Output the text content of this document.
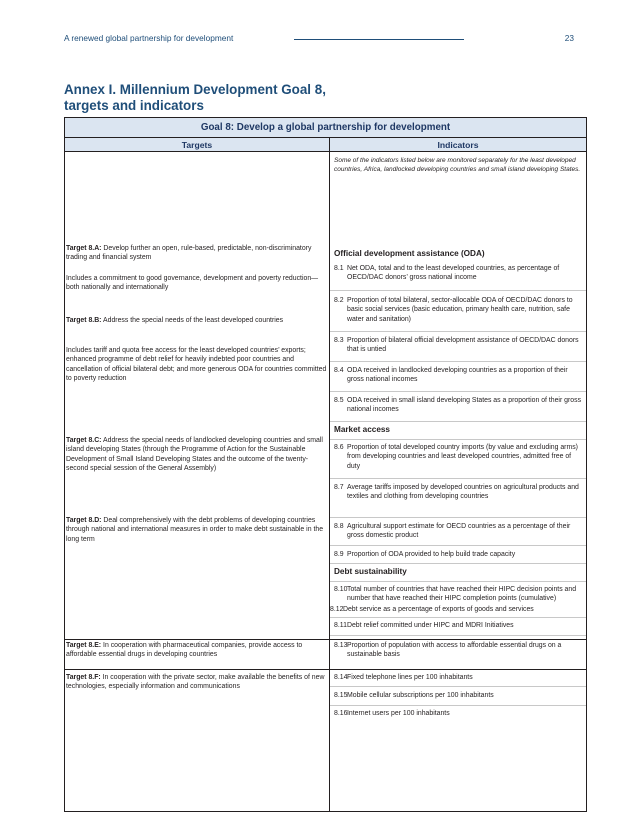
A renewed global partnership for development	23
Annex I. Millennium Development Goal 8,
targets and indicators
Goal 8: Develop a global partnership for development
Targets	Indicators
Target 8.A: Develop further an open, rule-based, predictable, non-discriminatory trading and financial system
Includes a commitment to good governance, development and poverty reduction—both nationally and internationally
Target 8.B: Address the special needs of the least developed countries
Includes tariff and quota free access for the least developed countries’ exports; enhanced programme of debt relief for heavily indebted poor countries and cancellation of official bilateral debt; and more generous ODA for countries committed to poverty reduction
Target 8.C: Address the special needs of landlocked developing countries and small island developing States (through the Programme of Action for the Sustainable Development of Small Island Developing States and the outcome of the twenty-second special session of the General Assembly)
Target 8.D: Deal comprehensively with the debt problems of developing countries through national and international measures in order to make debt sustainable in the long term
Some of the indicators listed below are monitored separately for the least developed countries, Africa, landlocked developing countries and small island developing States.
Official development assistance (ODA)
8.1 Net ODA, total and to the least developed countries, as percentage of OECD/DAC donors’ gross national income
8.2 Proportion of total bilateral, sector-allocable ODA of OECD/DAC donors to basic social services (basic education, primary health care, nutrition, safe water and sanitation)
8.3 Proportion of bilateral official development assistance of OECD/DAC donors that is untied
8.4 ODA received in landlocked developing countries as a proportion of their gross national incomes
8.5 ODA received in small island developing States as a proportion of their gross national incomes
Market access
8.6 Proportion of total developed country imports (by value and excluding arms) from developing countries and least developed countries, admitted free of duty
8.7 Average tariffs imposed by developed countries on agricultural products and textiles and clothing from developing countries
8.8 Agricultural support estimate for OECD countries as a percentage of their gross domestic product
8.9 Proportion of ODA provided to help build trade capacity
Debt sustainability
8.10 Total number of countries that have reached their HIPC decision points and number that have reached their HIPC completion points (cumulative)
8.11 Debt relief committed under HIPC and MDRI Initiatives
Target 8.E: In cooperation with pharmaceutical companies, provide access to affordable essential drugs in developing countries
8.13 Proportion of population with access to affordable essential drugs on a sustainable basis
Target 8.F: In cooperation with the private sector, make available the benefits of new technologies, especially information and communications
8.14 Fixed telephone lines per 100 inhabitants
8.15 Mobile cellular subscriptions per 100 inhabitants
8.16 Internet users per 100 inhabitants
8.12 Debt service as a percentage of exports of goods and services
